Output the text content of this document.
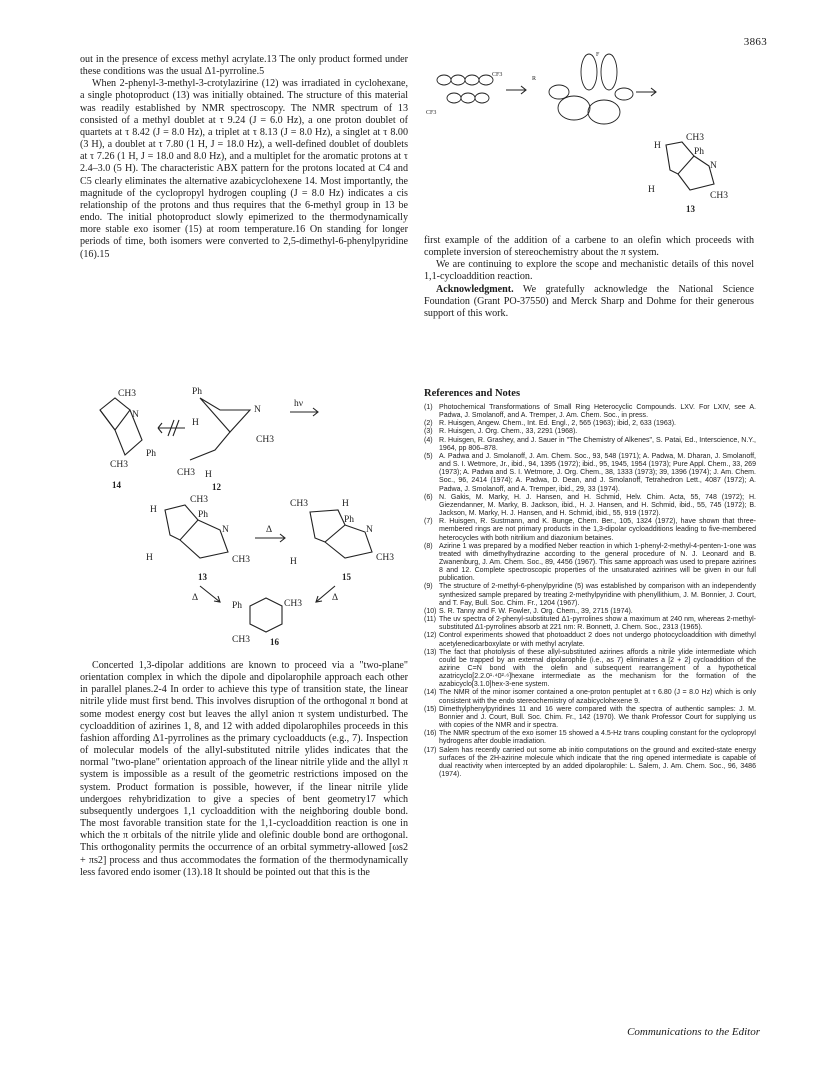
3863

out in the presence of excess methyl acrylate.13 The only product formed under these conditions was the usual Δ1-pyrroline.5

When 2-phenyl-3-methyl-3-crotylazirine (12) was irradiated in cyclohexane, a single photoproduct (13) was initially obtained. The structure of this material was readily established by NMR spectroscopy. The NMR spectrum of 13 consisted of a methyl doublet at τ 9.24 (J = 6.0 Hz), a one proton doublet of quartets at τ 8.42 (J = 8.0 Hz), a triplet at τ 8.13 (J = 8.0 Hz), a singlet at τ 8.00 (3 H), a doublet at τ 7.80 (1 H, J = 18.0 Hz), a well-defined doublet of doublets at τ 7.26 (1 H, J = 18.0 and 8.0 Hz), and a multiplet for the aromatic protons at τ 2.4–3.0 (5 H). The characteristic ABX pattern for the protons located at C4 and C5 clearly eliminates the alternative azabicyclohexene 14. Most importantly, the magnitude of the cyclopropyl hydrogen coupling (J = 8.0 Hz) indicates a cis relationship of the protons and thus requires that the 6-methyl group in 13 be endo. The initial photoproduct slowly epimerized to the thermodynamically more stable exo isomer (15) at room temperature.16 On standing for longer periods of time, both isomers were converted to 2,5-dimethyl-6-phenylpyridine (16).15

CH3
N
Ph
CH3
14
Ph
N
H
CH3
CH3 H
12
hν
H
CH3
Ph
N
H	CH3
13
Δ
CH3	H
Ph
N
H	CH3
15
Δ	Δ
Ph	CH3
CH3 16
CF3
CF3
R
F
H
CH3
Ph
N
H
CH3
13

Concerted 1,3-dipolar additions are known to proceed via a "two-plane" orientation complex in which the dipole and dipolarophile approach each other in parallel planes.2-4 In order to achieve this type of transition state, the linear nitrile ylide must first bend. This involves disruption of the orthogonal π bond at some modest energy cost but leaves the allyl anion π system undisturbed. The cycloaddition of azirines 1, 8, and 12 with added dipolarophiles proceeds in this fashion affording Δ1-pyrrolines as the primary cycloadducts (e.g., 7). Inspection of molecular models of the allyl-substituted nitrile ylides indicates that the normal "two-plane" orientation approach of the linear nitrile ylide and the allyl π system is impossible as a result of the geometric restrictions imposed on the system. Product formation is possible, however, if the linear nitrile ylide undergoes rehybridization to give a species of bent geometry17 which subsequently undergoes 1,1 cycloaddition with the neighboring double bond. The most favorable transition state for the 1,1-cycloaddition reaction is one in which the π orbitals of the nitrile ylide and olefinic double bond are orthogonal. This orthogonality permits the occurrence of an orbital symmetry-allowed [ωs2 + πs2] process and thus accommodates the formation of the thermodynamically less favored endo isomer (13).18 It should be pointed out that this is the

first example of the addition of a carbene to an olefin which proceeds with complete inversion of stereochemistry about the π system.

We are continuing to explore the scope and mechanistic details of this novel 1,1-cycloaddition reaction.

Acknowledgment. We gratefully acknowledge the National Science Foundation (Grant PO-37550) and Merck Sharp and Dohme for their generous support of this work.

References and Notes
(1) Photochemical Transformations of Small Ring Heterocyclic Compounds. LXV. For LXIV, see A. Padwa, J. Smolanoff, and A. Tremper, J. Am. Chem. Soc., in press.
(2) R. Huisgen, Angew. Chem., Int. Ed. Engl., 2, 565 (1963); ibid, 2, 633 (1963).
(3) R. Huisgen, J. Org. Chem., 33, 2291 (1968).
(4) R. Huisgen, R. Grashey, and J. Sauer in "The Chemistry of Alkenes", S. Patai, Ed., Interscience, N.Y., 1964, pp 806–878.
(5) A. Padwa and J. Smolanoff, J. Am. Chem. Soc., 93, 548 (1971); A. Padwa, M. Dharan, J. Smolanoff, and S. I. Wetmore, Jr., ibid., 94, 1395 (1972); ibid., 95, 1945, 1954 (1973); Pure Appl. Chem., 33, 269 (1973); A. Padwa and S. I. Wetmore, J. Org. Chem., 38, 1333 (1973); 39, 1396 (1974); J. Am. Chem. Soc., 96, 2414 (1974); A. Padwa, D. Dean, and J. Smolanoff, Tetrahedron Lett., 4087 (1972); A. Padwa, J. Smolanoff, and A. Tremper, ibid., 29, 33 (1974).
(6) N. Gakis, M. Marky, H. J. Hansen, and H. Schmid, Helv. Chim. Acta, 55, 748 (1972); H. Giezendanner, M. Marky, B. Jackson, ibid., H. J. Hansen, and H. Schmid, ibid., 55, 745 (1972); B. Jackson, M. Marky, H. J. Hansen, and H. Schmid, ibid., 55, 919 (1972).
(7) R. Huisgen, R. Sustmann, and K. Bunge, Chem. Ber., 105, 1324 (1972), have shown that three-membered rings are not primary products in the 1,3-dipolar cycloadditions leading to five-membered heterocycles with both nitrilium and diazonium betaines.
(8) Azirine 1 was prepared by a modified Neber reaction in which 1-phenyl-2-methyl-4-penten-1-one was treated with dimethylhydrazine according to the general procedure of N. J. Leonard and B. Zwanenburg, J. Am. Chem. Soc., 89, 4456 (1967). This same approach was used to prepare azirines 8 and 12. Complete spectroscopic properties of the unsaturated azirines will be given in our full publication.
(9) The structure of 2-methyl-6-phenylpyridine (5) was established by comparison with an independently synthesized sample prepared by treating 2-methylpyridine with phenyllithium, J. M. Bonnier, J. Court, and T. Fay, Bull. Soc. Chim. Fr., 1204 (1967).
(10) S. R. Tanny and F. W. Fowler, J. Org. Chem., 39, 2715 (1974).
(11) The uv spectra of 2-phenyl-substituted Δ1-pyrrolines show a maximum at 240 nm, whereas 2-methyl-substituted Δ1-pyrrolines absorb at 221 nm: R. Bonnett, J. Chem. Soc., 2313 (1965).
(12) Control experiments showed that photoadduct 2 does not undergo photocycloaddition with dimethyl acetylenedicarboxylate or with methyl acrylate.
(13) The fact that photolysis of these allyl-substituted azirines affords a nitrile ylide intermediate which could be trapped by an external dipolarophile (i.e., as 7) eliminates a [2 + 2] cycloaddition of the azirine C=N bond with the olefin and subsequent rearrangement of a hypothetical azatricyclo[2.2.0¹·⁴0²·⁶]hexane intermediate as the mechanism for the formation of the azabicyclo[3.1.0]hex-3-ene system.
(14) The NMR of the minor isomer contained a one-proton pentuplet at τ 6.80 (J = 8.0 Hz) which is only consistent with the endo stereochemistry of azabicyclohexene 9.
(15) Dimethylphenylpyridines 11 and 16 were compared with the spectra of authentic samples: J. M. Bonnier and J. Court, Bull. Soc. Chim. Fr., 142 (1970). We thank Professor Court for supplying us with copies of the NMR and ir spectra.
(16) The NMR spectrum of the exo isomer 15 showed a 4.5-Hz trans coupling constant for the cyclopropyl hydrogens after double irradiation.
(17) Salem has recently carried out some ab initio computations on the ground and excited-state energy surfaces of the 2H-azirine molecule which indicate that the ring opened intermediate is capable of dual reactivity when intercepted by an added dipolarophile: L. Salem, J. Am. Chem. Soc., 96, 3486 (1974).
Communications to the Editor
